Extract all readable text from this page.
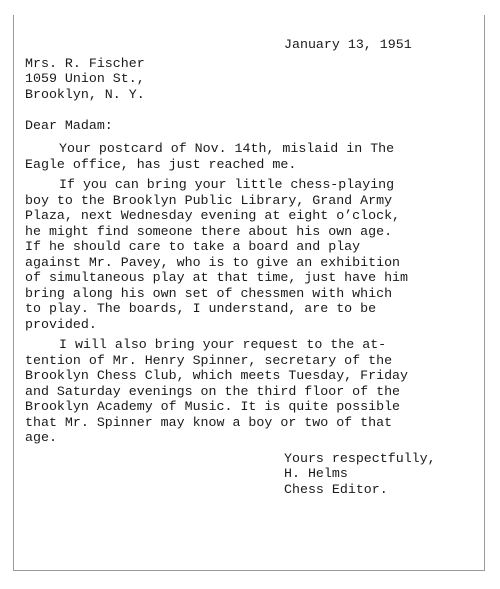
January 13, 1951
Mrs. R. Fischer
1059 Union St.,
Brooklyn, N. Y.
Dear Madam:
Your postcard of Nov. 14th, mislaid in The
Eagle office, has just reached me.
If you can bring your little chess-playing
boy to the Brooklyn Public Library, Grand Army
Plaza, next Wednesday evening at eight o’clock,
he might find someone there about his own age.
If he should care to take a board and play
against Mr. Pavey, who is to give an exhibition
of simultaneous play at that time, just have him
bring along his own set of chessmen with which
to play. The boards, I understand, are to be
provided.
I will also bring your request to the at-
tention of Mr. Henry Spinner, secretary of the
Brooklyn Chess Club, which meets Tuesday, Friday
and Saturday evenings on the third floor of the
Brooklyn Academy of Music. It is quite possible
that Mr. Spinner may know a boy or two of that
age.
Yours respectfully,
H. Helms
Chess Editor.
